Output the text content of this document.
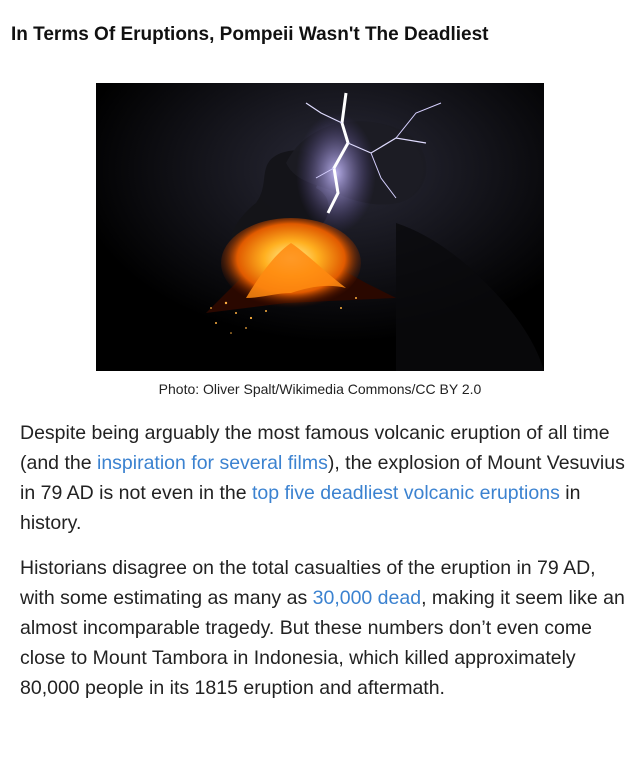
In Terms Of Eruptions, Pompeii Wasn't The Deadliest
Photo: Oliver Spalt/Wikimedia Commons/CC BY 2.0

Despite being arguably the most famous volcanic eruption of all time (and the inspiration for several films), the explosion of Mount Vesuvius in 79 AD is not even in the top five deadliest volcanic eruptions in history.

Historians disagree on the total casualties of the eruption in 79 AD, with some estimating as many as 30,000 dead, making it seem like an almost incomparable tragedy. But these numbers don’t even come close to Mount Tambora in Indonesia, which killed approximately 80,000 people in its 1815 eruption and aftermath.
